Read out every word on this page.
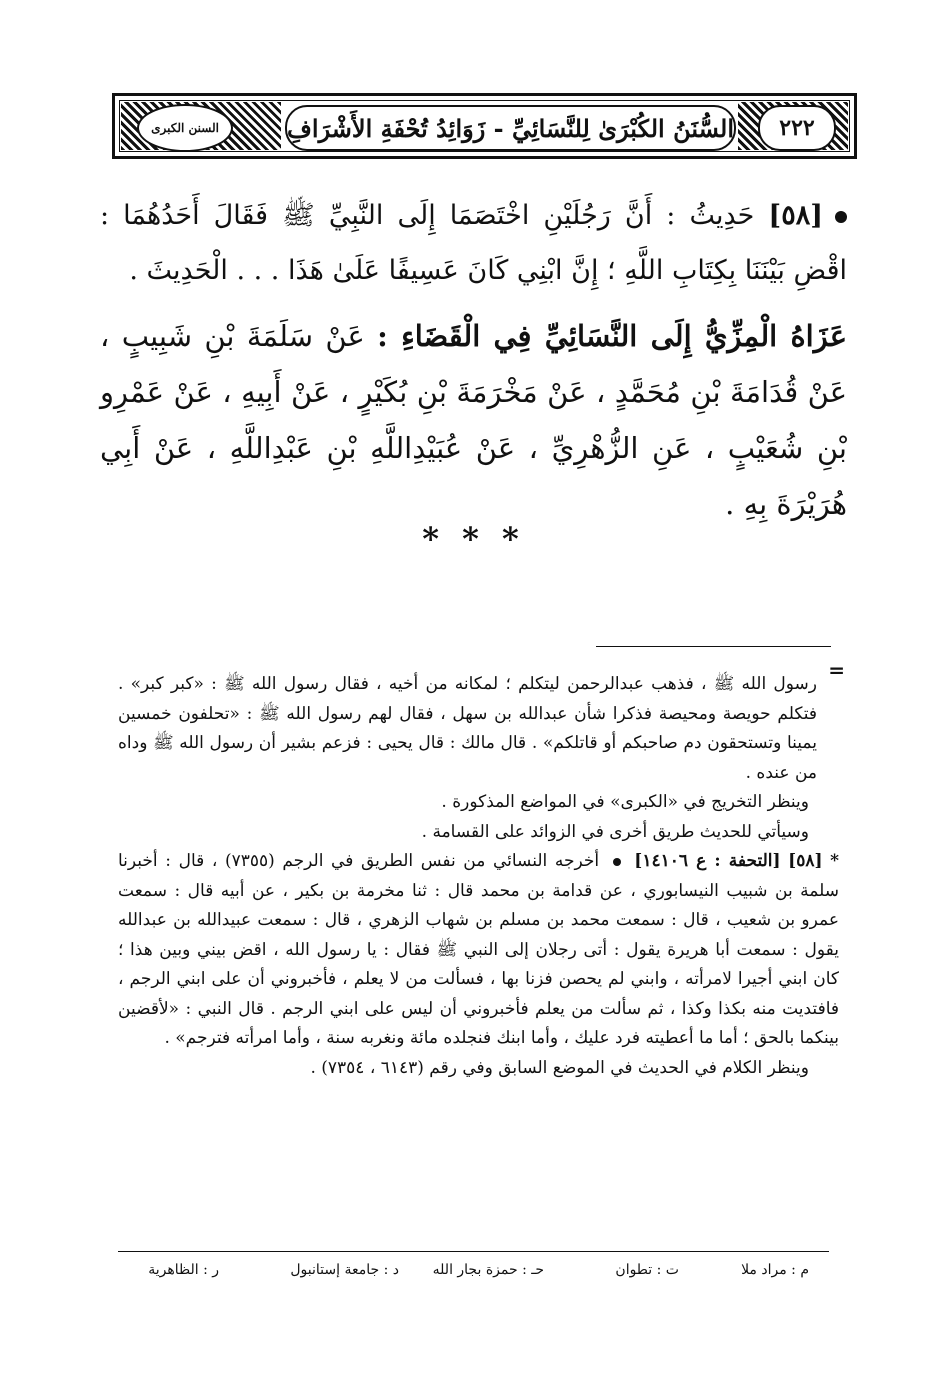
السنن الكبرى	السُّنَنُ الكُبْرَىٰ لِلنَّسَائِيِّ - زَوَائِدُ تُحْفَةِ الأَشْرَافِ ٢٢٢

[٥٨] حَدِيثُ : أَنَّ رَجُلَيْنِ اخْتَصَمَا إِلَى النَّبِيِّ ﷺ فَقَالَ أَحَدُهُمَا : اقْضِ بَيْنَنَا بِكِتَابِ اللَّهِ ؛ إِنَّ ابْنِي كَانَ عَسِيفًا عَلَىٰ هَذَا . . . الْحَدِيثَ .

عَزَاهُ الْمِزِّيُّ إِلَى النَّسَائِيِّ فِي الْقَضَاءِ : عَنْ سَلَمَةَ بْنِ شَبِيبٍ ، عَنْ قُدَامَةَ بْنِ مُحَمَّدٍ ، عَنْ مَخْرَمَةَ بْنِ بُكَيْرٍ ، عَنْ أَبِيهِ ، عَنْ عَمْرِو بْنِ شُعَيْبٍ ، عَنِ الزُّهْرِيِّ ، عَنْ عُبَيْدِاللَّهِ بْنِ عَبْدِاللَّهِ ، عَنْ أَبِي هُرَيْرَةَ بِهِ .

* * *
=

رسول الله ﷺ ، فذهب عبدالرحمن ليتكلم ؛ لمكانه من أخيه ، فقال رسول الله ﷺ : «كبر كبر» . فتكلم حويصة ومحيصة فذكرا شأن عبدالله بن سهل ، فقال لهم رسول الله ﷺ : «تحلفون خمسين يمينا وتستحقون دم صاحبكم أو قاتلكم» . قال مالك : قال يحيى : فزعم بشير أن رسول الله ﷺ وداه من عنده .

وينظر التخريج في «الكبرى» في المواضع المذكورة .

وسيأتي للحديث طريق أخرى في الزوائد على القسامة .

* [٥٨] [التحفة : ع ١٤١٠٦]  أخرجه النسائي من نفس الطريق في الرجم (٧٣٥٥) ، قال : أخبرنا سلمة بن شبيب النيسابوري ، عن قدامة بن محمد قال : ثنا مخرمة بن بكير ، عن أبيه قال : سمعت عمرو بن شعيب ، قال : سمعت محمد بن مسلم بن شهاب الزهري ، قال : سمعت عبيدالله بن عبدالله يقول : سمعت أبا هريرة يقول : أتى رجلان إلى النبي ﷺ فقال : يا رسول الله ، اقض بيني وبين هذا ؛ كان ابني أجيرا لامرأته ، وابني لم يحصن فزنا بها ، فسألت من لا يعلم ، فأخبروني أن على ابني الرجم ، فافتديت منه بكذا وكذا ، ثم سألت من يعلم فأخبروني أن ليس على ابني الرجم . قال النبي : «لأقضين بينكما بالحق ؛ أما ما أعطيته فرد عليك ، وأما ابنك فنجلده مائة ونغربه سنة ، وأما امرأته فترجم» .

وينظر الكلام في الحديث في الموضع السابق وفي رقم (٦١٤٣ ، ٧٣٥٤) .

م : مراد ملا
ت : تطوان
حـ : حمزة بجار الله
د : جامعة إستانبول
ر : الظاهرية
